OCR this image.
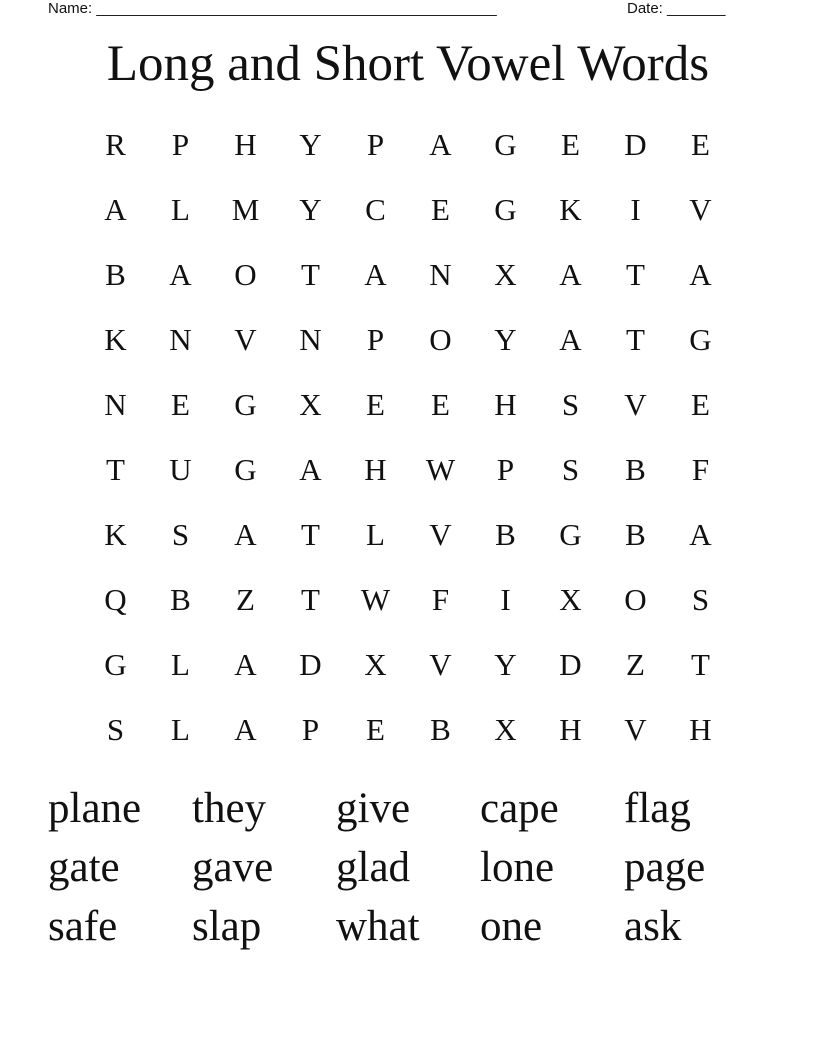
Name: ________________________________________________	Date: _______
Long and Short Vowel Words
R	P	H	Y	P	A	G	E	D	E
A	L	M	Y	C	E	G	K	I	V
B	A	O	T	A	N	X	A	T	A
K	N	V	N	P	O	Y	A	T	G
N	E	G	X	E	E	H	S	V	E
T	U	G	A	H	W	P	S	B	F
K	S	A	T	L	V	B	G	B	A
Q	B	Z	T	W	F	I	X	O	S
G	L	A	D	X	V	Y	D	Z	T
S	L	A	P	E	B	X	H	V	H
plane	they	give	cape	flag
gate	gave	glad	lone	page
safe	slap	what	one	ask
